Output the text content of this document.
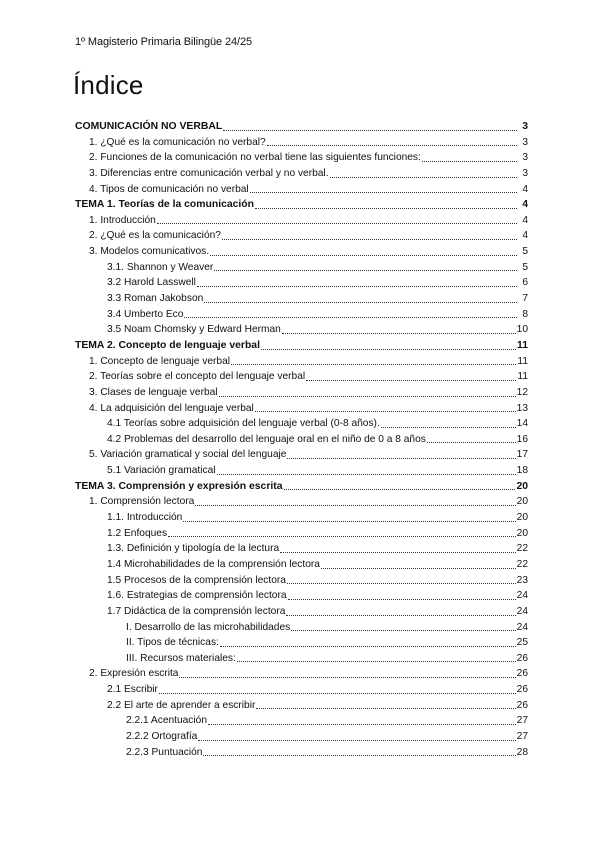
1º Magisterio Primaria Bilingüe 24/25
Índice
COMUNICACIÓN NO VERBAL	3
1. ¿Qué es la comunicación no verbal?	3
2. Funciones de la comunicación no verbal tiene las siguientes funciones:	3
3. Diferencias entre comunicación verbal y no verbal.	3
4. Tipos de comunicación no verbal	4
TEMA 1. Teorías de la comunicación	4
1. Introducción	4
2. ¿Qué es la comunicación?	4
3. Modelos comunicativos.	5
3.1. Shannon y Weaver	5
3.2 Harold Lasswell	6
3.3 Roman Jakobson	7
3.4 Umberto Eco	8
3.5 Noam Chomsky y Edward Herman	10
TEMA 2. Concepto de lenguaje verbal	11
1. Concepto de lenguaje verbal	11
2. Teorías sobre el concepto del lenguaje verbal	11
3. Clases de lenguaje verbal	12
4. La adquisición del lenguaje verbal	13
4.1 Teorías sobre adquisición del lenguaje verbal (0-8 años).	14
4.2 Problemas del desarrollo del lenguaje oral en el niño de 0 a 8 años	16
5. Variación gramatical y social del lenguaje	17
5.1 Variación gramatical	18
TEMA 3. Comprensión y expresión escrita	20
1. Comprensión lectora	20
1.1. Introducción	20
1.2 Enfoques	20
1.3. Definición y tipología de la lectura	22
1.4 Microhabilidades de la comprensión lectora	22
1.5 Procesos de la comprensión lectora	23
1.6. Estrategias de comprensión lectora	24
1.7 Didáctica de la comprensión lectora	24
I. Desarrollo de las microhabilidades	24
II. Tipos de técnicas:	25
III. Recursos materiales:	26
2. Expresión escrita	26
2.1 Escribir	26
2.2 El arte de aprender a escribir	26
2.2.1 Acentuación	27
2.2.2 Ortografía	27
2.2.3 Puntuación	28
